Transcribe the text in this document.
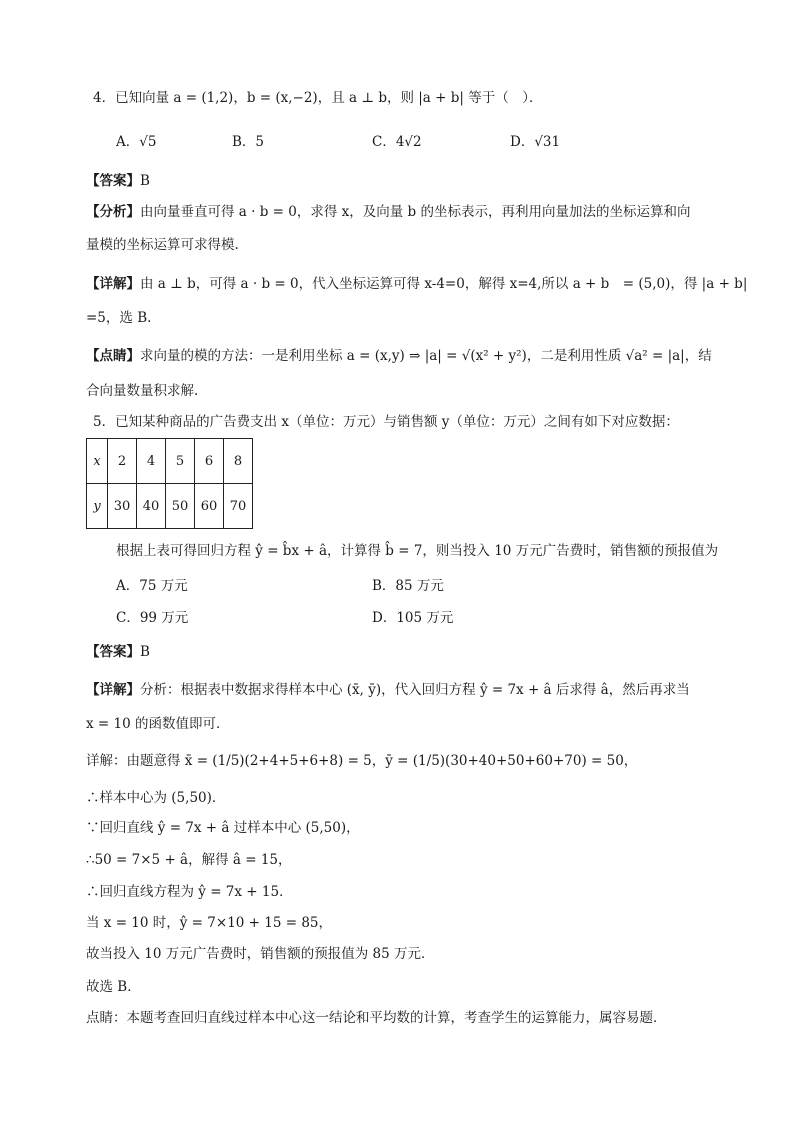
4．已知向量 a = (1,2)，b = (x,−2)，且 a ⊥ b，则 |a + b| 等于（　）．
A．√5	B．5	C．4√2	D．√31
【答案】B
【分析】由向量垂直可得 a · b = 0，求得 x，及向量 b 的坐标表示，再利用向量加法的坐标运算和向
量模的坐标运算可求得模.
【详解】由 a ⊥ b，可得 a · b = 0，代入坐标运算可得 x-4=0，解得 x=4,所以 a + b　= (5,0)，得 |a + b|
=5，选 B.
【点睛】求向量的模的方法：一是利用坐标 a = (x,y) ⇒ |a| = √(x² + y²)，二是利用性质 √a² = |a|，结
合向量数量积求解.
5．已知某种商品的广告费支出 x（单位：万元）与销售额 y（单位：万元）之间有如下对应数据：
x	2	4	5	6	8
y	30	40	50	60	70
根据上表可得回归方程 ŷ = b̂x + â，计算得 b̂ = 7，则当投入 10 万元广告费时，销售额的预报值为
A．75 万元	B．85 万元
C．99 万元	D．105 万元
【答案】B
【详解】分析：根据表中数据求得样本中心 (x̄, ȳ)，代入回归方程 ŷ = 7x + â 后求得 â，然后再求当
x = 10 的函数值即可．
详解：由题意得 x̄ = (1/5)(2+4+5+6+8) = 5，ȳ = (1/5)(30+40+50+60+70) = 50，
∴样本中心为 (5,50)．
∵回归直线 ŷ = 7x + â 过样本中心 (5,50)，
∴50 = 7×5 + â，解得 â = 15，
∴回归直线方程为 ŷ = 7x + 15．
当 x = 10 时，ŷ = 7×10 + 15 = 85，
故当投入 10 万元广告费时，销售额的预报值为 85 万元．
故选 B．
点睛：本题考查回归直线过样本中心这一结论和平均数的计算，考查学生的运算能力，属容易题．
